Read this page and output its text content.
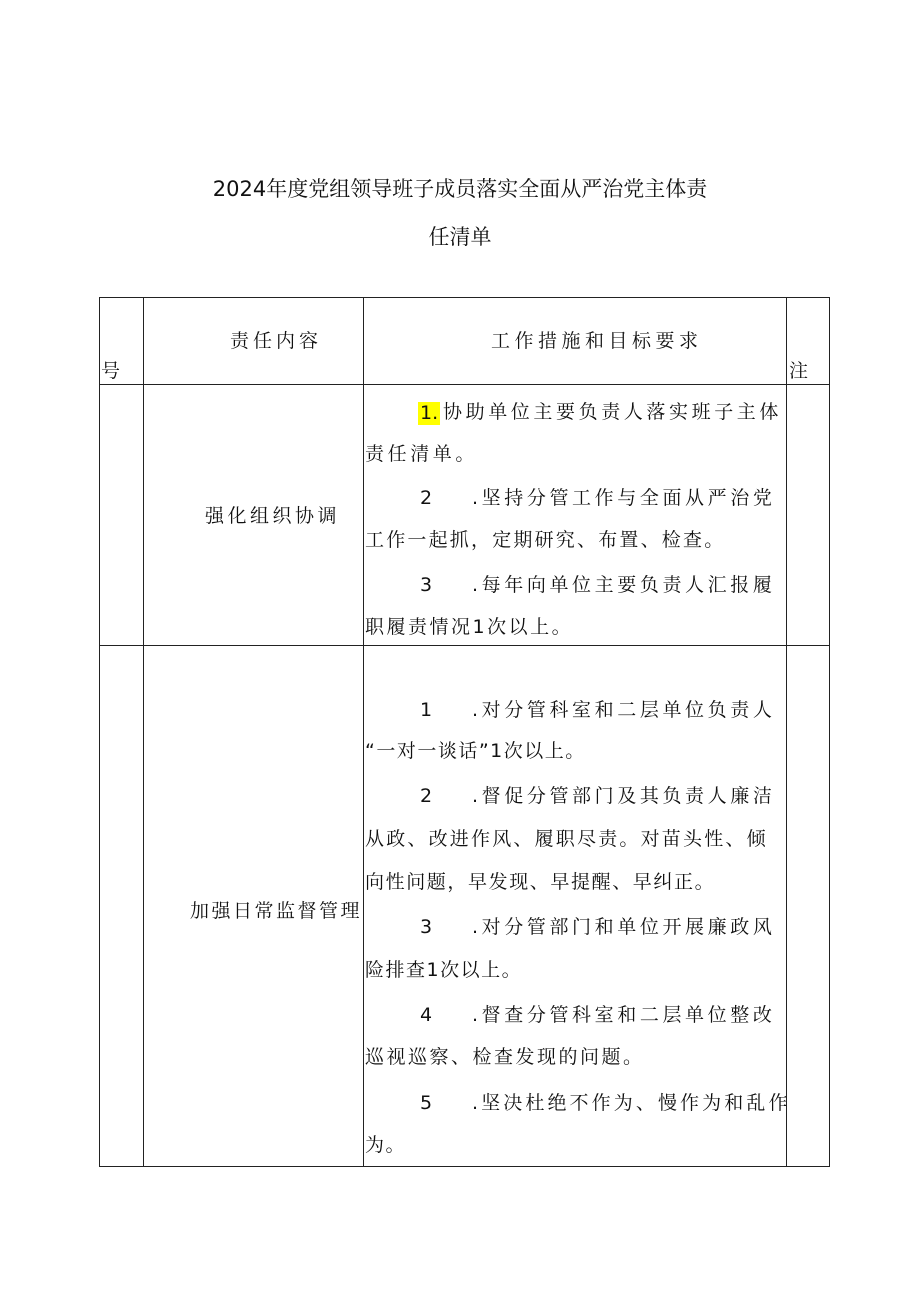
2024年度党组领导班子成员落实全面从严治党主体责
任清单
号
责任内容	工作措施和目标要求
注
强化组织协调
1. 协助单位主要负责人落实班子主体
责任清单。
2 .坚持分管工作与全面从严治党
工作一起抓，定期研究、布置、检查。
3 .每年向单位主要负责人汇报履
职履责情况1次以上。
加强日常监督管理
1 .对分管科室和二层单位负责人
“一对一谈话”1次以上。
2 .督促分管部门及其负责人廉洁
从政、改进作风、履职尽责。对苗头性、倾
向性问题，早发现、早提醒、早纠正。
3 .对分管部门和单位开展廉政风
险排查1次以上。
4 .督查分管科室和二层单位整改
巡视巡察、检查发现的问题。
5 .坚决杜绝不作为、慢作为和乱作
为。
